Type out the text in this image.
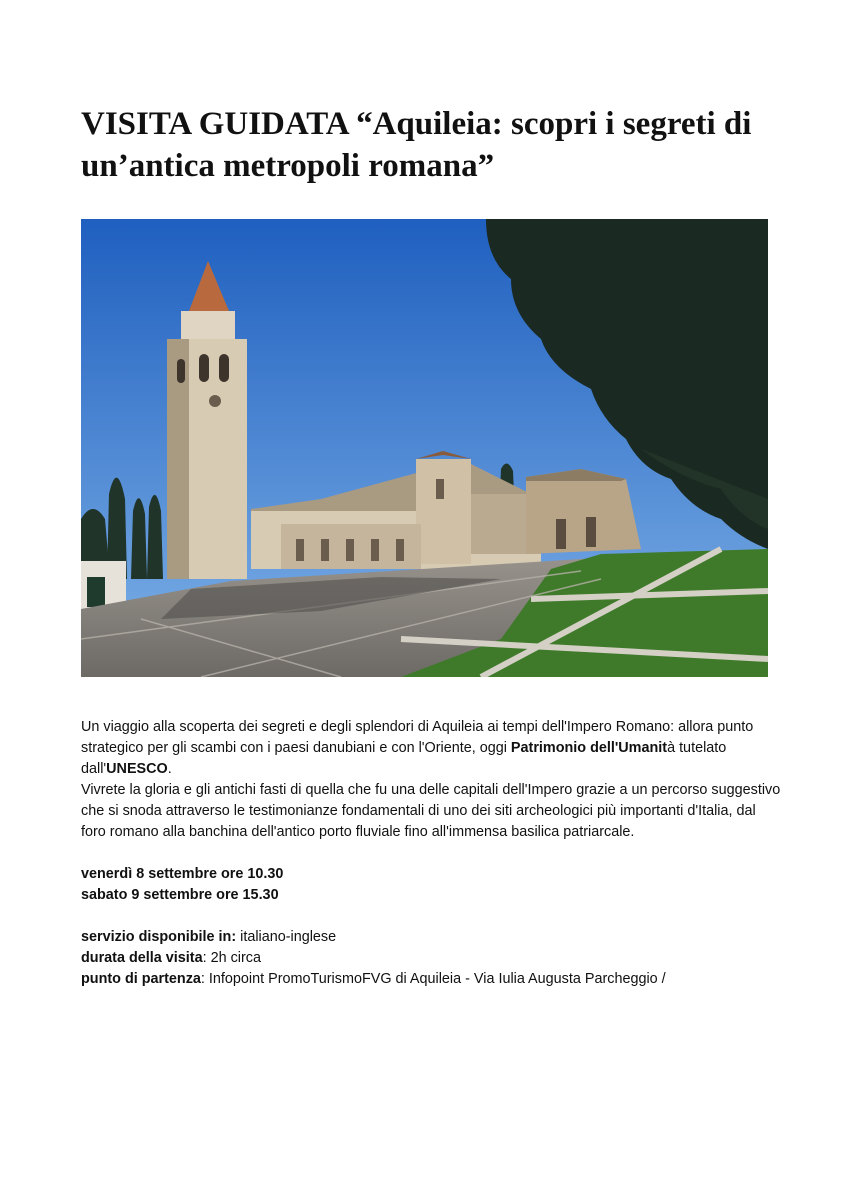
VISITA GUIDATA “Aquileia: scopri i segreti di un’antica metropoli romana”

Un viaggio alla scoperta dei segreti e degli splendori di Aquileia ai tempi dell'Impero Romano: allora punto strategico per gli scambi con i paesi danubiani e con l'Oriente, oggi Patrimonio dell'Umanità tutelato dall'UNESCO.

Vivrete la gloria e gli antichi fasti di quella che fu una delle capitali dell'Impero grazie a un percorso suggestivo che si snoda attraverso le testimonianze fondamentali di uno dei siti archeologici più importanti d'Italia, dal foro romano alla banchina dell'antico porto fluviale fino all'immensa basilica patriarcale.

venerdì 8 settembre ore 10.30

sabato 9 settembre ore 15.30

servizio disponibile in: italiano-inglese

durata della visita: 2h circa

punto di partenza: Infopoint PromoTurismoFVG di Aquileia - Via Iulia Augusta Parcheggio /
